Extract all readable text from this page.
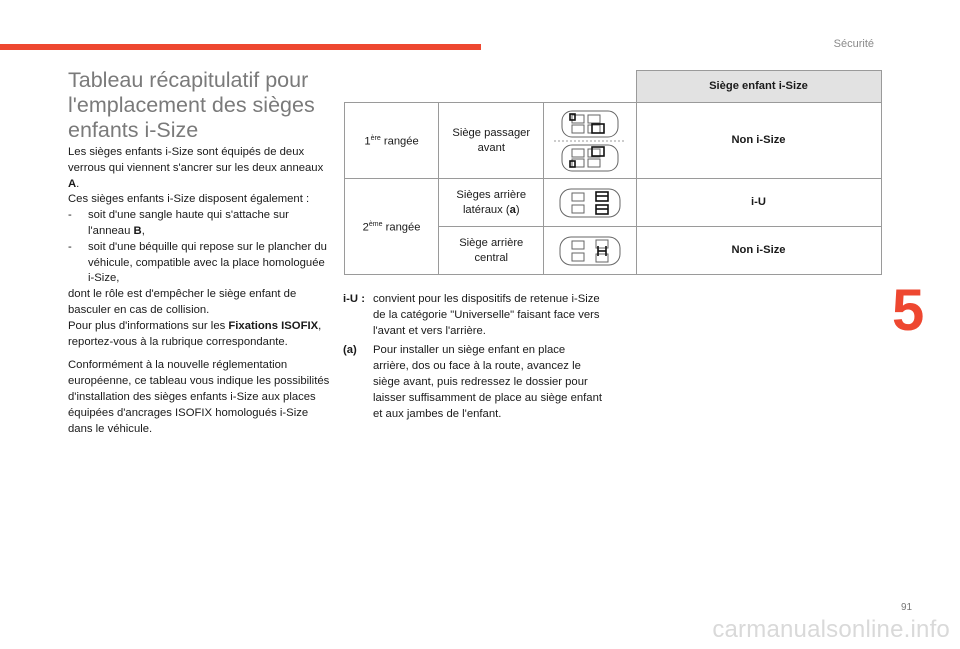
Sécurité
5
91
carmanualsonline.info
Tableau récapitulatif pour l'emplacement des sièges enfants i-Size

Les sièges enfants i-Size sont équipés de deux verrous qui viennent s'ancrer sur les deux anneaux A.

Ces sièges enfants i-Size disposent également :

-	soit d'une sangle haute qui s'attache sur l'anneau B,
-	soit d'une béquille qui repose sur le plancher du véhicule, compatible avec la place homologuée i-Size,

dont le rôle est d'empêcher le siège enfant de basculer en cas de collision.

Pour plus d'informations sur les Fixations ISOFIX, reportez-vous à la rubrique correspondante.

Conformément à la nouvelle réglementation européenne, ce tableau vous indique les possibilités d'installation des sièges enfants i-Size aux places équipées d'ancrages ISOFIX homologués i-Size dans le véhicule.

			Siège enfant i-Size
1ère rangée	Siège passager avant		Non i-Size
2ème rangée	Sièges arrière latéraux (a)		i-U
	Siège arrière central		Non i-Size
i-U : convient pour les dispositifs de retenue i-Size de la catégorie "Universelle" faisant face vers l'avant et vers l'arrière.
(a)	Pour installer un siège enfant en place arrière, dos ou face à la route, avancez le siège avant, puis redressez le dossier pour laisser suffisamment de place au siège enfant et aux jambes de l'enfant.
